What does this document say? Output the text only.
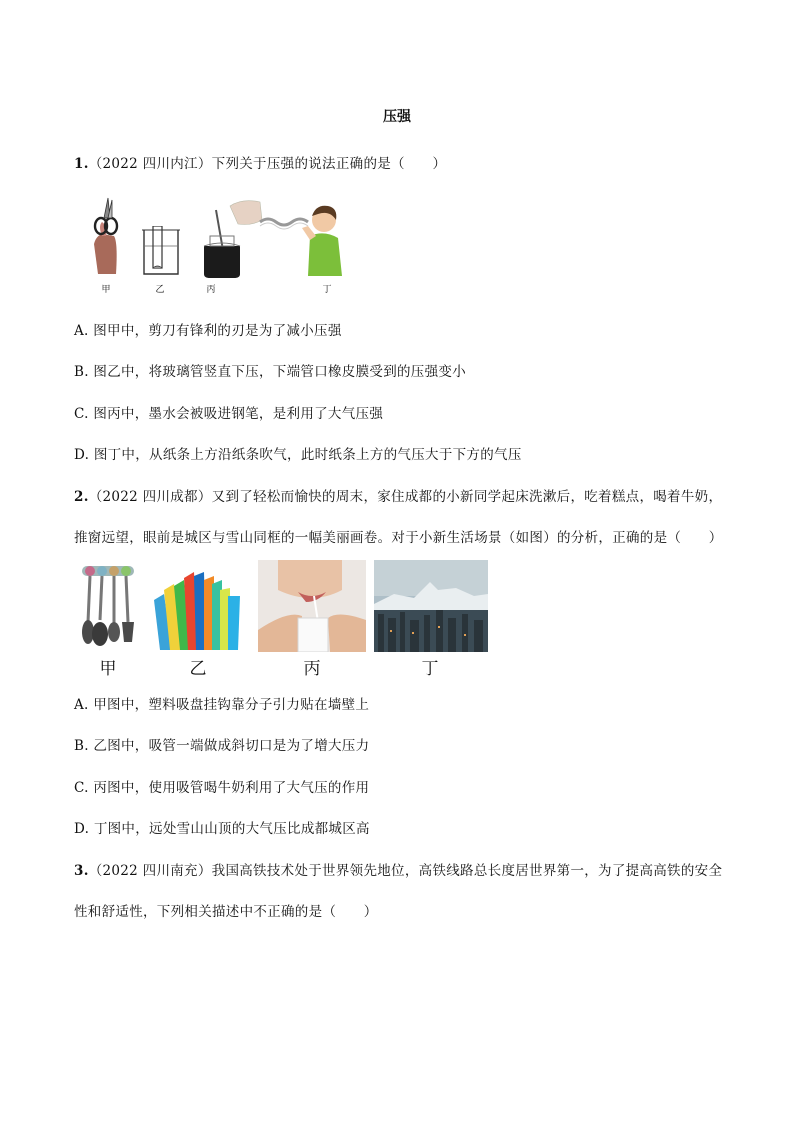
压强
1.（2022 四川内江）下列关于压强的说法正确的是（　　）
甲	乙	丙	丁
A. 图甲中，剪刀有锋利的刃是为了减小压强
B. 图乙中，将玻璃管竖直下压，下端管口橡皮膜受到的压强变小
C. 图丙中，墨水会被吸进钢笔，是利用了大气压强
D. 图丁中，从纸条上方沿纸条吹气，此时纸条上方的气压大于下方的气压
2.（2022 四川成都）又到了轻松而愉快的周末，家住成都的小新同学起床洗漱后，吃着糕点，喝着牛奶，
推窗远望，眼前是城区与雪山同框的一幅美丽画卷。对于小新生活场景（如图）的分析，正确的是（　　）
甲	乙	丙	丁
A. 甲图中，塑料吸盘挂钩靠分子引力贴在墙壁上
B. 乙图中，吸管一端做成斜切口是为了增大压力
C. 丙图中，使用吸管喝牛奶利用了大气压的作用
D. 丁图中，远处雪山山顶的大气压比成都城区高
3.（2022 四川南充）我国高铁技术处于世界领先地位，高铁线路总长度居世界第一，为了提高高铁的安全
性和舒适性，下列相关描述中不正确的是（　　）
